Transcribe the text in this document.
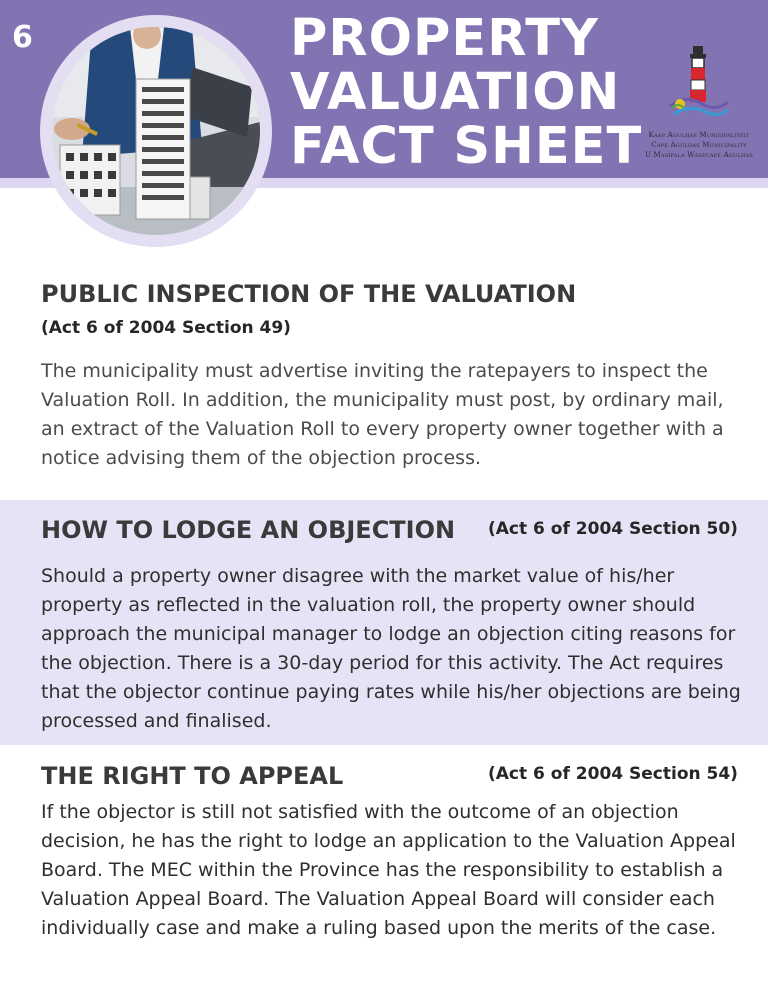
6	PROPERTY
VALUATION
FACT SHEET Kaap Agulhas Munisipaliteit
Cape Agulhas Municipality
U Masipala Wasecape Agulhas
PUBLIC INSPECTION OF THE VALUATION
(Act 6 of 2004 Section 49)
The municipality must advertise inviting the ratepayers to inspect the Valuation Roll. In addition, the municipality must post, by ordinary mail, an extract of the Valuation Roll to every property owner together with a notice advising them of the objection process.
HOW TO LODGE AN OBJECTION (Act 6 of 2004 Section 50)
Should a property owner disagree with the market value of his/her property as reflected in the valuation roll, the property owner should approach the municipal manager to lodge an objection citing reasons for the objection. There is a 30-day period for this activity. The Act requires that the objector continue paying rates while his/her objections are being processed and finalised.
THE RIGHT TO APPEAL	(Act 6 of 2004 Section 54)
If the objector is still not satisfied with the outcome of an objection decision, he has the right to lodge an application to the Valuation Appeal Board. The MEC within the Province has the responsibility to establish a Valuation Appeal Board. The Valuation Appeal Board will consider each individually case and make a ruling based upon the merits of the case.
